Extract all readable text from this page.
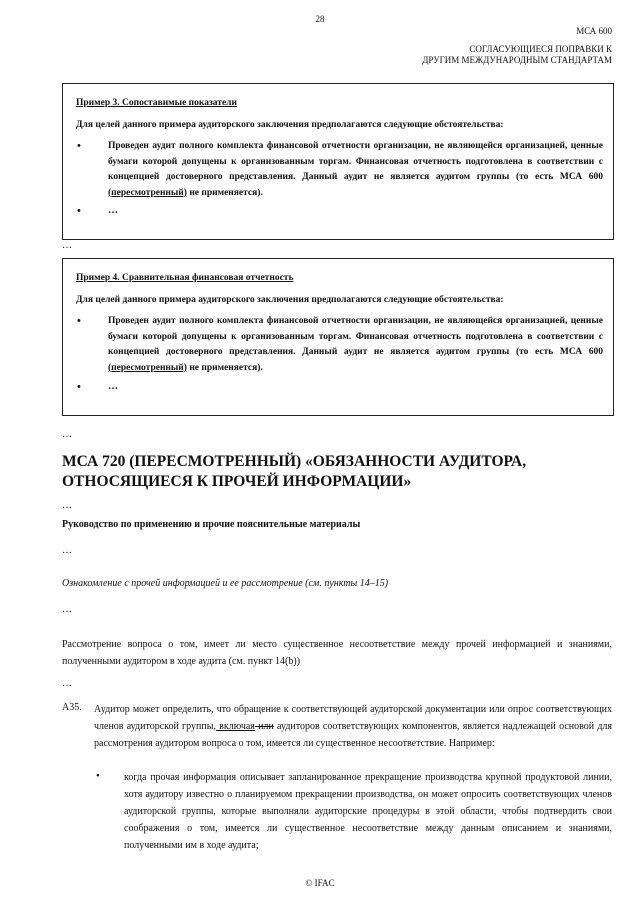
28
МСА 600
СОГЛАСУЮЩИЕСЯ ПОПРАВКИ К
ДРУГИМ МЕЖДУНАРОДНЫМ СТАНДАРТАМ
Пример 3. Сопоставимые показатели
Для целей данного примера аудиторского заключения предполагаются следующие обстоятельства:
•	Проведен аудит полного комплекта финансовой отчетности организации, не являющейся организацией, ценные бумаги которой допущены к организованным торгам. Финансовая отчетность подготовлена в соответствии с концепцией достоверного представления. Данный аудит не является аудитом группы (то есть МСА 600 (пересмотренный) не применяется).
•	…
…
Пример 4. Сравнительная финансовая отчетность
Для целей данного примера аудиторского заключения предполагаются следующие обстоятельства:
•	Проведен аудит полного комплекта финансовой отчетности организации, не являющейся организацией, ценные бумаги которой допущены к организованным торгам. Финансовая отчетность подготовлена в соответствии с концепцией достоверного представления. Данный аудит не является аудитом группы (то есть МСА 600 (пересмотренный) не применяется).
•	…
…
МСА 720 (ПЕРЕСМОТРЕННЫЙ) «ОБЯЗАННОСТИ АУДИТОРА, ОТНОСЯЩИЕСЯ К ПРОЧЕЙ ИНФОРМАЦИИ»
…
Руководство по применению и прочие пояснительные материалы
…
Ознакомление с прочей информацией и ее рассмотрение (см. пункты 14–15)
…
Рассмотрение вопроса о том, имеет ли место существенное несоответствие между прочей информацией и знаниями, полученными аудитором в ходе аудита (см. пункт 14(b))
…
A35. Аудитор может определить, что обращение к соответствующей аудиторской документации или опрос соответствующих членов аудиторской группы, включая или аудиторов соответствующих компонентов, является надлежащей основой для рассмотрения аудитором вопроса о том, имеется ли существенное несоответствие. Например:
• когда прочая информация описывает запланированное прекращение производства крупной продуктовой линии, хотя аудитору известно о планируемом прекращении производства, он может опросить соответствующих членов аудиторской группы, которые выполняли аудиторские процедуры в этой области, чтобы подтвердить свои соображения о том, имеется ли существенное несоответствие между данным описанием и знаниями, полученными им в ходе аудита;
© IFAC
